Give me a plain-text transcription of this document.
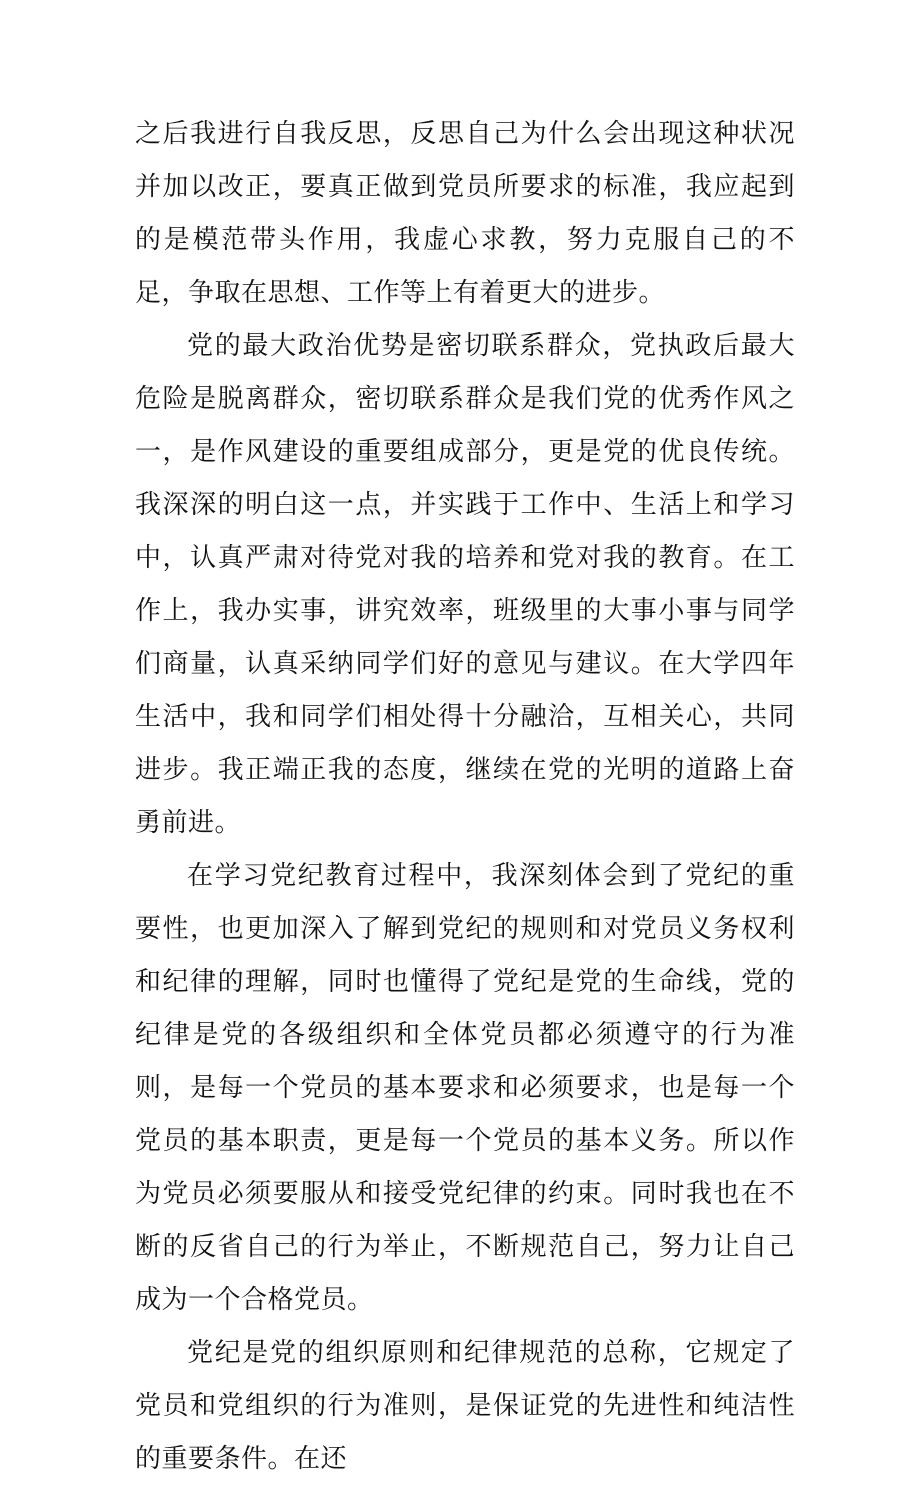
之后我进行自我反思，反思自己为什么会出现这种状况并加以改正，要真正做到党员所要求的标准，我应起到的是模范带头作用，我虚心求教，努力克服自己的不足，争取在思想、工作等上有着更大的进步。

党的最大政治优势是密切联系群众，党执政后最大危险是脱离群众，密切联系群众是我们党的优秀作风之一，是作风建设的重要组成部分，更是党的优良传统。我深深的明白这一点，并实践于工作中、生活上和学习中，认真严肃对待党对我的培养和党对我的教育。在工作上，我办实事，讲究效率，班级里的大事小事与同学们商量，认真采纳同学们好的意见与建议。在大学四年生活中，我和同学们相处得十分融洽，互相关心，共同进步。我正端正我的态度，继续在党的光明的道路上奋勇前进。

在学习党纪教育过程中，我深刻体会到了党纪的重要性，也更加深入了解到党纪的规则和对党员义务权利和纪律的理解，同时也懂得了党纪是党的生命线，党的纪律是党的各级组织和全体党员都必须遵守的行为准则，是每一个党员的基本要求和必须要求，也是每一个党员的基本职责，更是每一个党员的基本义务。所以作为党员必须要服从和接受党纪律的约束。同时我也在不断的反省自己的行为举止，不断规范自己，努力让自己成为一个合格党员。

党纪是党的组织原则和纪律规范的总称，它规定了党员和党组织的行为准则，是保证党的先进性和纯洁性的重要条件。在还
